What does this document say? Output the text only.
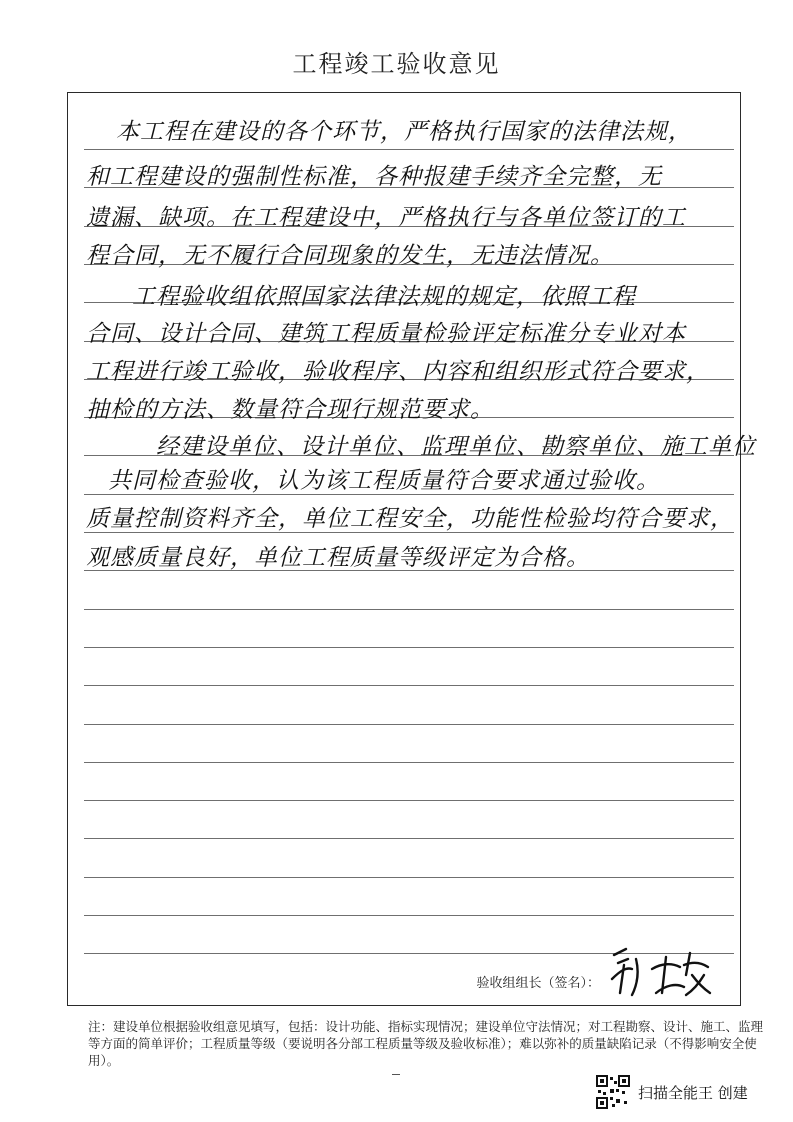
工程竣工验收意见
本工程在建设的各个环节，严格执行国家的法律法规，
和工程建设的强制性标准，各种报建手续齐全完整，无
遗漏、缺项。在工程建设中，严格执行与各单位签订的工
程合同，无不履行合同现象的发生，无违法情况。
工程验收组依照国家法律法规的规定，依照工程
合同、设计合同、建筑工程质量检验评定标准分专业对本
工程进行竣工验收，验收程序、内容和组织形式符合要求，
抽检的方法、数量符合现行规范要求。
经建设单位、设计单位、监理单位、勘察单位、施工单位
共同检查验收，认为该工程质量符合要求通过验收。
质量控制资料齐全，单位工程安全，功能性检验均符合要求，
观感质量良好，单位工程质量等级评定为合格。
验收组组长（签名）：
注：建设单位根据验收组意见填写，包括：设计功能、指标实现情况；建设单位守法情况；对工程勘察、设计、施工、监理等方面的简单评价；工程质量等级（要说明各分部工程质量等级及验收标准）；难以弥补的质量缺陷记录（不得影响安全使用）。
扫描全能王 创建
